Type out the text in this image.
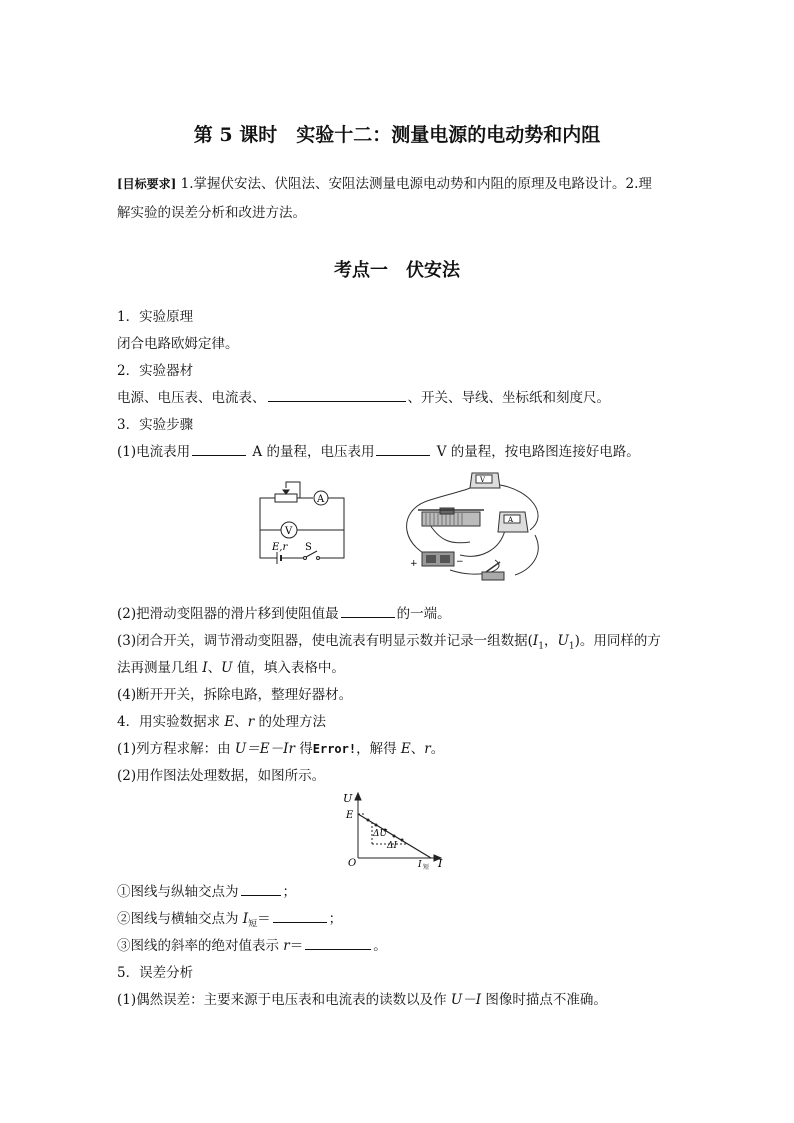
第 5 课时　实验十二：测量电源的电动势和内阻
[目标要求] 1.掌握伏安法、伏阻法、安阻法测量电源电动势和内阻的原理及电路设计。2.理
解实验的误差分析和改进方法。
考点一　伏安法
1．实验原理
闭合电路欧姆定律。
2．实验器材
电源、电压表、电流表、	、开关、导线、坐标纸和刻度尺。
3．实验步骤
(1)电流表用	A 的量程，电压表用	V 的量程，按电路图连接好电路。
A
V
E,r S
V
A
+	−
(2)把滑动变阻器的滑片移到使阻值最	的一端。
(3)闭合开关，调节滑动变阻器，使电流表有明显示数并记录一组数据($I_1$，$U_1$)。用同样的方
法再测量几组 I、U 值，填入表格中。
(4)断开开关，拆除电路，整理好器材。
4．用实验数据求 E、r 的处理方法
(1)列方程求解：由 U＝E－Ir 得Error!，解得 E、r。
(2)用作图法处理数据，如图所示。
U
E
O
ΔU
ΔI
I 短 I
①图线与纵轴交点为	；
②图线与横轴交点为 $I_短=$	；
③图线的斜率的绝对值表示 r＝	。
5．误差分析
(1)偶然误差：主要来源于电压表和电流表的读数以及作 U－I 图像时描点不准确。
